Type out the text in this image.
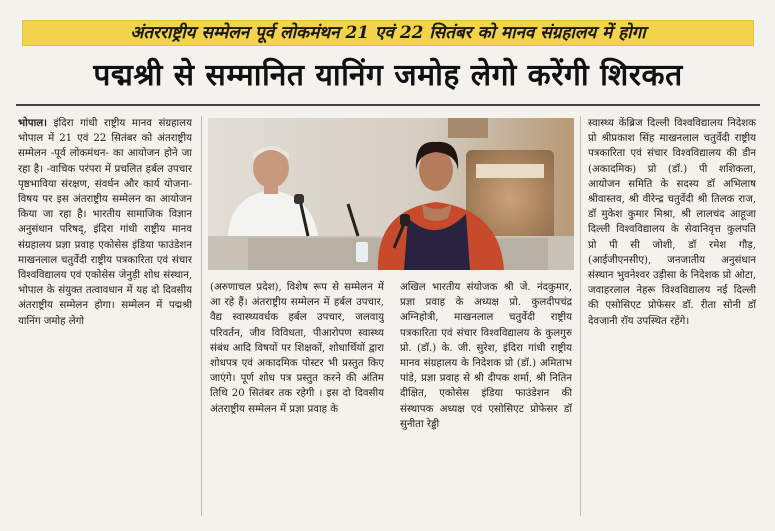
अंतरराष्ट्रीय सम्मेलन पूर्व लोकमंथन 21 एवं 22 सितंबर को मानव संग्रहालय में होगा
पद्मश्री से सम्मानित यानिंग जमोह लेगो करेंगी शिरकत
भोपाल। इंदिरा गांधी राष्ट्रीय मानव संग्रहालय भोपाल में 21 एवं 22 सितंबर को अंतराष्ट्रीय सम्मेलन -पूर्व लोकमंथन- का आयोजन होने जा रहा है। -वाचिक परंपरा में प्रचलित हर्बल उपचार पृष्ठभाविया संरक्षण, संवर्धन और कार्य योजना- विषय पर इस अंतराष्ट्रीय सम्मेलन का आयोजन किया जा रहा है। भारतीय सामाजिक विज्ञान अनुसंधान परिषद्, इंदिरा गांधी राष्ट्रीय मानव संग्रहालय प्रज्ञा प्रवाह एकोसेस इंडिया फाउंडेशन माखनलाल चतुर्वेदी राष्ट्रीय पत्रकारिता एवं संचार विश्वविद्यालय एवं एकोसेस जेनुड़ी शोध संस्थान, भोपाल के संयुक्त तत्वावधान में यह दो दिवसीय अंतराष्ट्रीय सम्मेलन होगा। सम्मेलन में पद्मश्री यानिंग जमोह लेगो
(अरुणाचल प्रदेश), विशेष रूप से सम्मेलन में आ रहे हैं। अंतराष्ट्रीय सम्मेलन में हर्बल उपचार, वैद्य स्वास्थ्यवर्धक हर्बल उपचार, जलवायु परिवर्तन, जीव विविधता, पीआरोपण स्वास्थ्य संबंध आदि विषयों पर शिक्षकों, शोधार्थियों द्वारा शोधपत्र एवं अकादमिक पोस्टर भी प्रस्तुत किए जाएंगे। पूर्ण शोध पत्र प्रस्तुत करने की अंतिम तिथि 20 सितंबर तक रहेगी । इस दो दिवसीय अंतराष्ट्रीय सम्मेलन में प्रज्ञा प्रवाह के
अखिल भारतीय संयोजक श्री जे. नंदकुमार, प्रज्ञा प्रवाह के अध्यक्ष प्रो. कुलदीपचंद्र अग्निहोत्री, माखनलाल चतुर्वेदी राष्ट्रीय पत्रकारिता एवं संचार विश्वविद्यालय के कुलगुरु प्रो. (डॉ.) के. जी. सुरेश, इंदिरा गांधी राष्ट्रीय मानव संग्रहालय के निदेशक प्रो (डॉ.) अमिताभ पांडे, प्रज्ञा प्रवाह से श्री दीपक शर्मा, श्री नितिन दीक्षित, एकोसेस इंडिया फाउंडेशन की संस्थापक अध्यक्ष एवं एसोसिएट प्रोफेसर डॉ सुनीता रेड्डी
स्वास्थ्य केंब्रिज दिल्ली विश्वविद्यालय निदेशक प्रो श्रीप्रकाश सिंह माखनलाल चतुर्वेदी राष्ट्रीय पत्रकारिता एवं संचार विश्वविद्यालय की डीन (अकादमिक) प्रो (डॉ.) पी शशिकला, आयोजन समिति के सदस्य डॉ अभिलाष श्रीवास्तव, श्री वीरेन्द्र चतुर्वेदी श्री तिलक राज, डॉ मुकेश कुमार मिश्रा, श्री लालचंद आहूजा दिल्ली विश्वविद्यालय के सेवानिवृत्त कुलपति प्रो पी सी जोशी, डॉ रमेश गौड़, (आईजीएनसीए), जनजातीय अनुसंधान संस्थान भुवनेश्वर उड़ीसा के निदेशक प्रो ओटा, जवाहरलाल नेहरू विश्वविद्यालय नई दिल्ली की एसोसिएट प्रोफेसर डॉ. रीता सोनी डॉ देवजानी रॉय उपस्थित रहेंगे।
